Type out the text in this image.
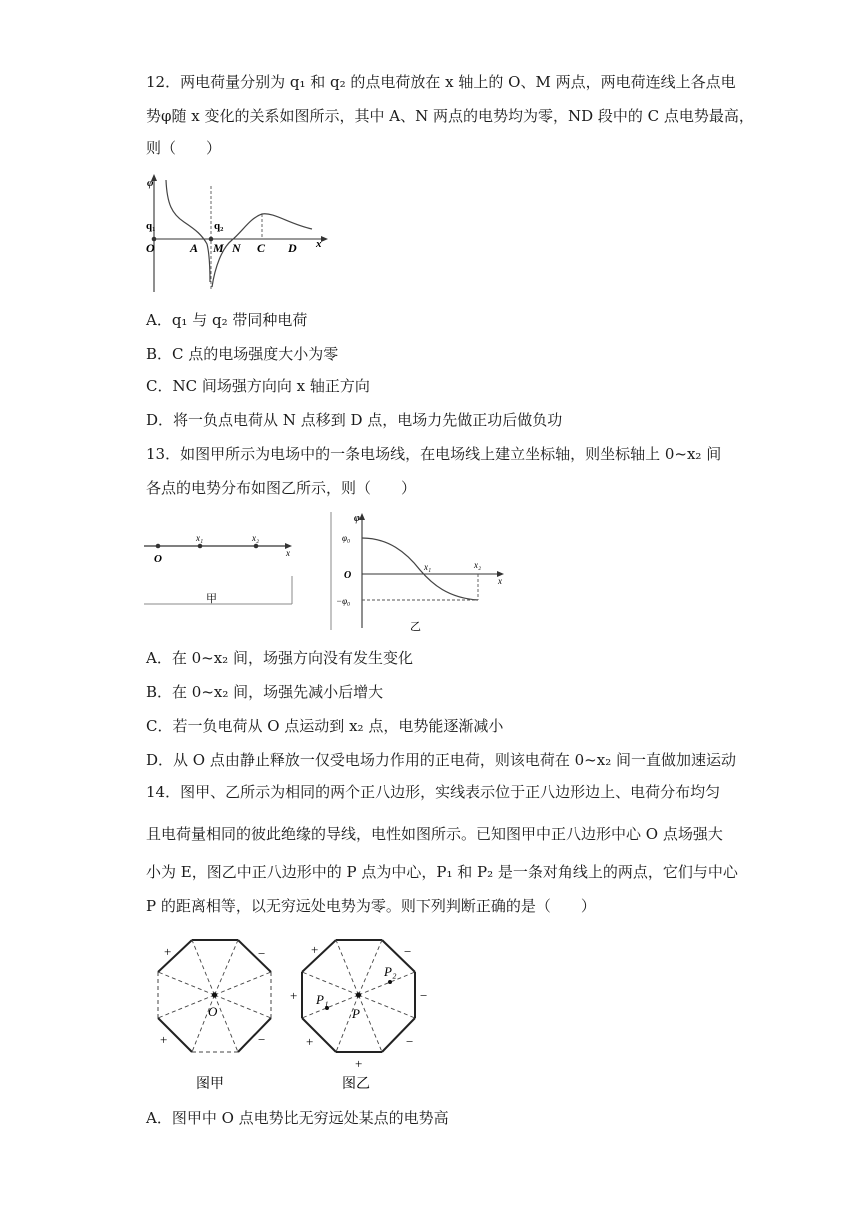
12．两电荷量分别为 q₁ 和 q₂ 的点电荷放在 x 轴上的 O、M 两点，两电荷连线上各点电
势φ随 x 变化的关系如图所示，其中 A、N 两点的电势均为零，ND 段中的 C 点电势最高，
则（　　）
φ
q₁	q₂
O	A M N C D x
A．q₁ 与 q₂ 带同种电荷
B．C 点的电场强度大小为零
C．NC 间场强方向向 x 轴正方向
D．将一负点电荷从 N 点移到 D 点，电场力先做正功后做负功
13．如图甲所示为电场中的一条电场线，在电场线上建立坐标轴，则坐标轴上 0~x₂ 间
各点的电势分布如图乙所示，则（　　）
O
x₁	x₂
x
甲
φ
φ₀
O
−φ₀
x₁	x₂
x
乙
A．在 0~x₂ 间，场强方向没有发生变化
B．在 0~x₂ 间，场强先减小后增大
C．若一负电荷从 O 点运动到 x₂ 点，电势能逐渐减小
D．从 O 点由静止释放一仅受电场力作用的正电荷，则该电荷在 0~x₂ 间一直做加速运动
14．图甲、乙所示为相同的两个正八边形，实线表示位于正八边形边上、电荷分布均匀
且电荷量相同的彼此绝缘的导线，电性如图所示。已知图甲中正八边形中心 O 点场强大
小为 E，图乙中正八边形中的 P 点为中心，P₁ 和 P₂ 是一条对角线上的两点，它们与中心
P 的距离相等，以无穷远处电势为零。则下列判断正确的是（　　）
O
+	−
+	−
图甲
P
P₁
P₂
+	−
+	−
+	−
+
图乙
A．图甲中 O 点电势比无穷远处某点的电势高
